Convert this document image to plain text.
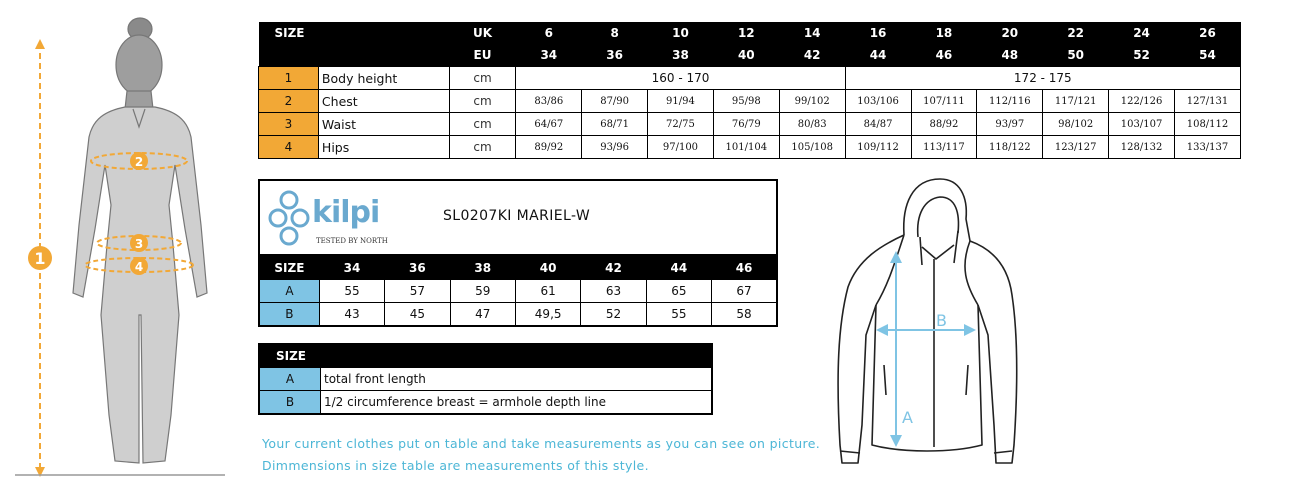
1
2
3
4
SIZE		UK	6	8	10	12	14	16	18	20	22	24	26
		EU	34	36	38	40	42	44	46	48	50	52	54
1	Body height	cm	160 - 170					172 - 175					
2	Chest	cm	83/86	87/90	91/94	95/98	99/102	103/106	107/111	112/116	117/121	122/126	127/131
3	Waist	cm	64/67	68/71	72/75	76/79	80/83	84/87	88/92	93/97	98/102	103/107	108/112
4	Hips	cm	89/92	93/96	97/100	101/104	105/108	109/112	113/117	118/122	123/127	128/132	133/137
kilpi
TESTED BY NORTH
SL0207KI MARIEL-W
SIZE	34	36	38	40	42	44	46
A	55	57	59	61	63	65	67
B	43	45	47	49,5	52	55	58
SIZE	
A	total front length
B	1/2 circumference breast = armhole depth line
Your current clothes put on table and take measurements as you can see on picture.
Dimmensions in size table are measurements of this style.
A
B
